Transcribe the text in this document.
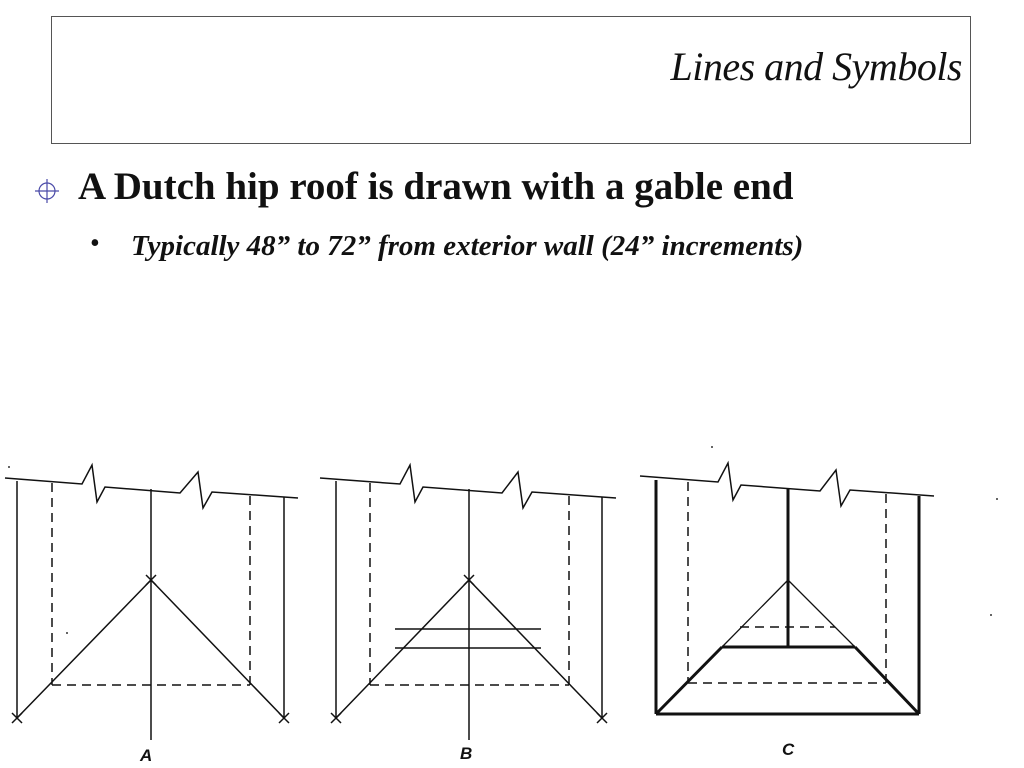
Lines and Symbols
A Dutch hip roof is drawn with a gable end
• Typically 48” to 72” from exterior wall (24” increments)
A	B	C
